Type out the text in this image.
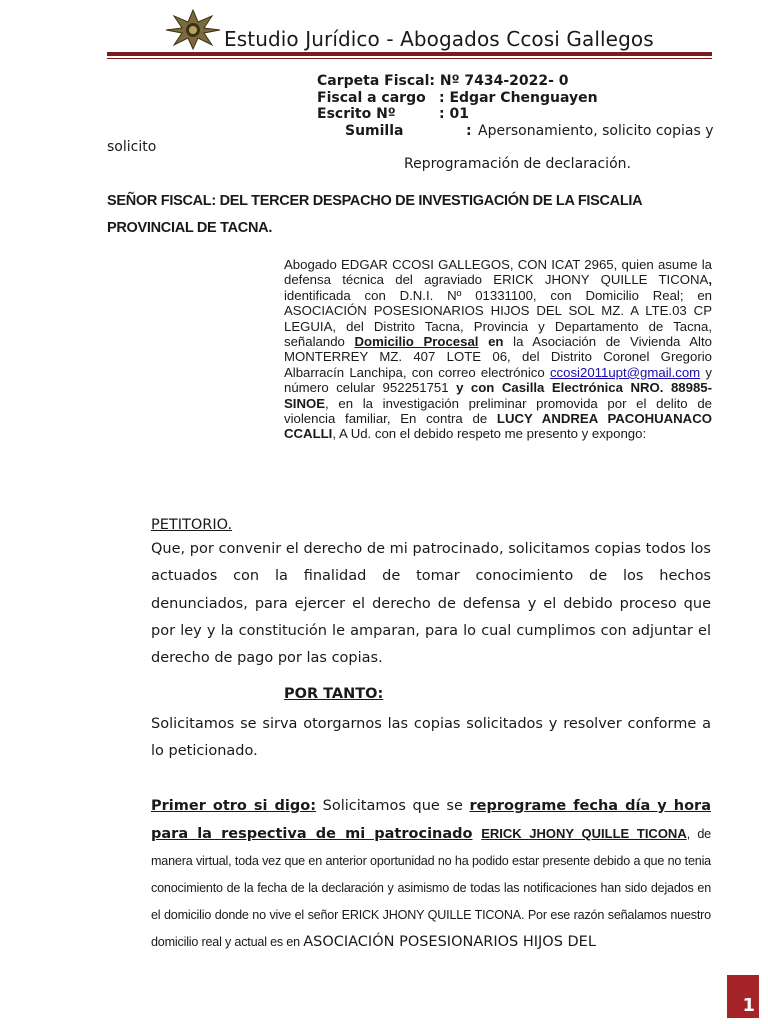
Estudio Jurídico - Abogados Ccosi Gallegos
Carpeta Fiscal: Nº 7434-2022- 0
Fiscal a cargo : Edgar Chenguayen
Escrito Nº	: 01
Sumilla	: Apersonamiento, solicito copias y
solicito
Reprogramación de declaración.
SEÑOR FISCAL: DEL TERCER DESPACHO DE INVESTIGACIÓN DE LA FISCALIA
PROVINCIAL DE TACNA.
Abogado EDGAR CCOSI GALLEGOS, CON ICAT 2965, quien asume la defensa técnica del agraviado ERICK JHONY QUILLE TICONA, identificada con D.N.I. Nº 01331100, con Domicilio Real; en ASOCIACIÓN POSESIONARIOS HIJOS DEL SOL MZ. A LTE.03 CP LEGUIA, del Distrito Tacna, Provincia y Departamento de Tacna, señalando Domicilio Procesal en la Asociación de Vivienda Alto MONTERREY MZ. 407 LOTE 06, del Distrito Coronel Gregorio Albarracín Lanchipa, con correo electrónico ccosi2011upt@gmail.com y número celular 952251751 y con Casilla Electrónica NRO. 88985-SINOE, en la investigación preliminar promovida por el delito de violencia familiar, En contra de LUCY ANDREA PACOHUANACO CCALLI, A Ud. con el debido respeto me presento y expongo:
PETITORIO.
Que, por convenir el derecho de mi patrocinado, solicitamos copias todos los actuados con la finalidad de tomar conocimiento de los hechos denunciados, para ejercer el derecho de defensa y el debido proceso que por ley y la constitución le amparan, para lo cual cumplimos con adjuntar el derecho de pago por las copias.
POR TANTO:
Solicitamos se sirva otorgarnos las copias solicitados y resolver conforme a lo peticionado.
Primer otro si digo: Solicitamos que se reprograme fecha día y hora para la respectiva de mi patrocinado ERICK JHONY QUILLE TICONA, de manera virtual, toda vez que en anterior oportunidad no ha podido estar presente debido a que no tenia conocimiento de la fecha de la declaración y asimismo de todas las notificaciones han sido dejados en el domicilio donde no vive el señor ERICK JHONY QUILLE TICONA. Por ese razón señalamos nuestro domicilio real y actual es en ASOCIACIÓN POSESIONARIOS HIJOS DEL
1
